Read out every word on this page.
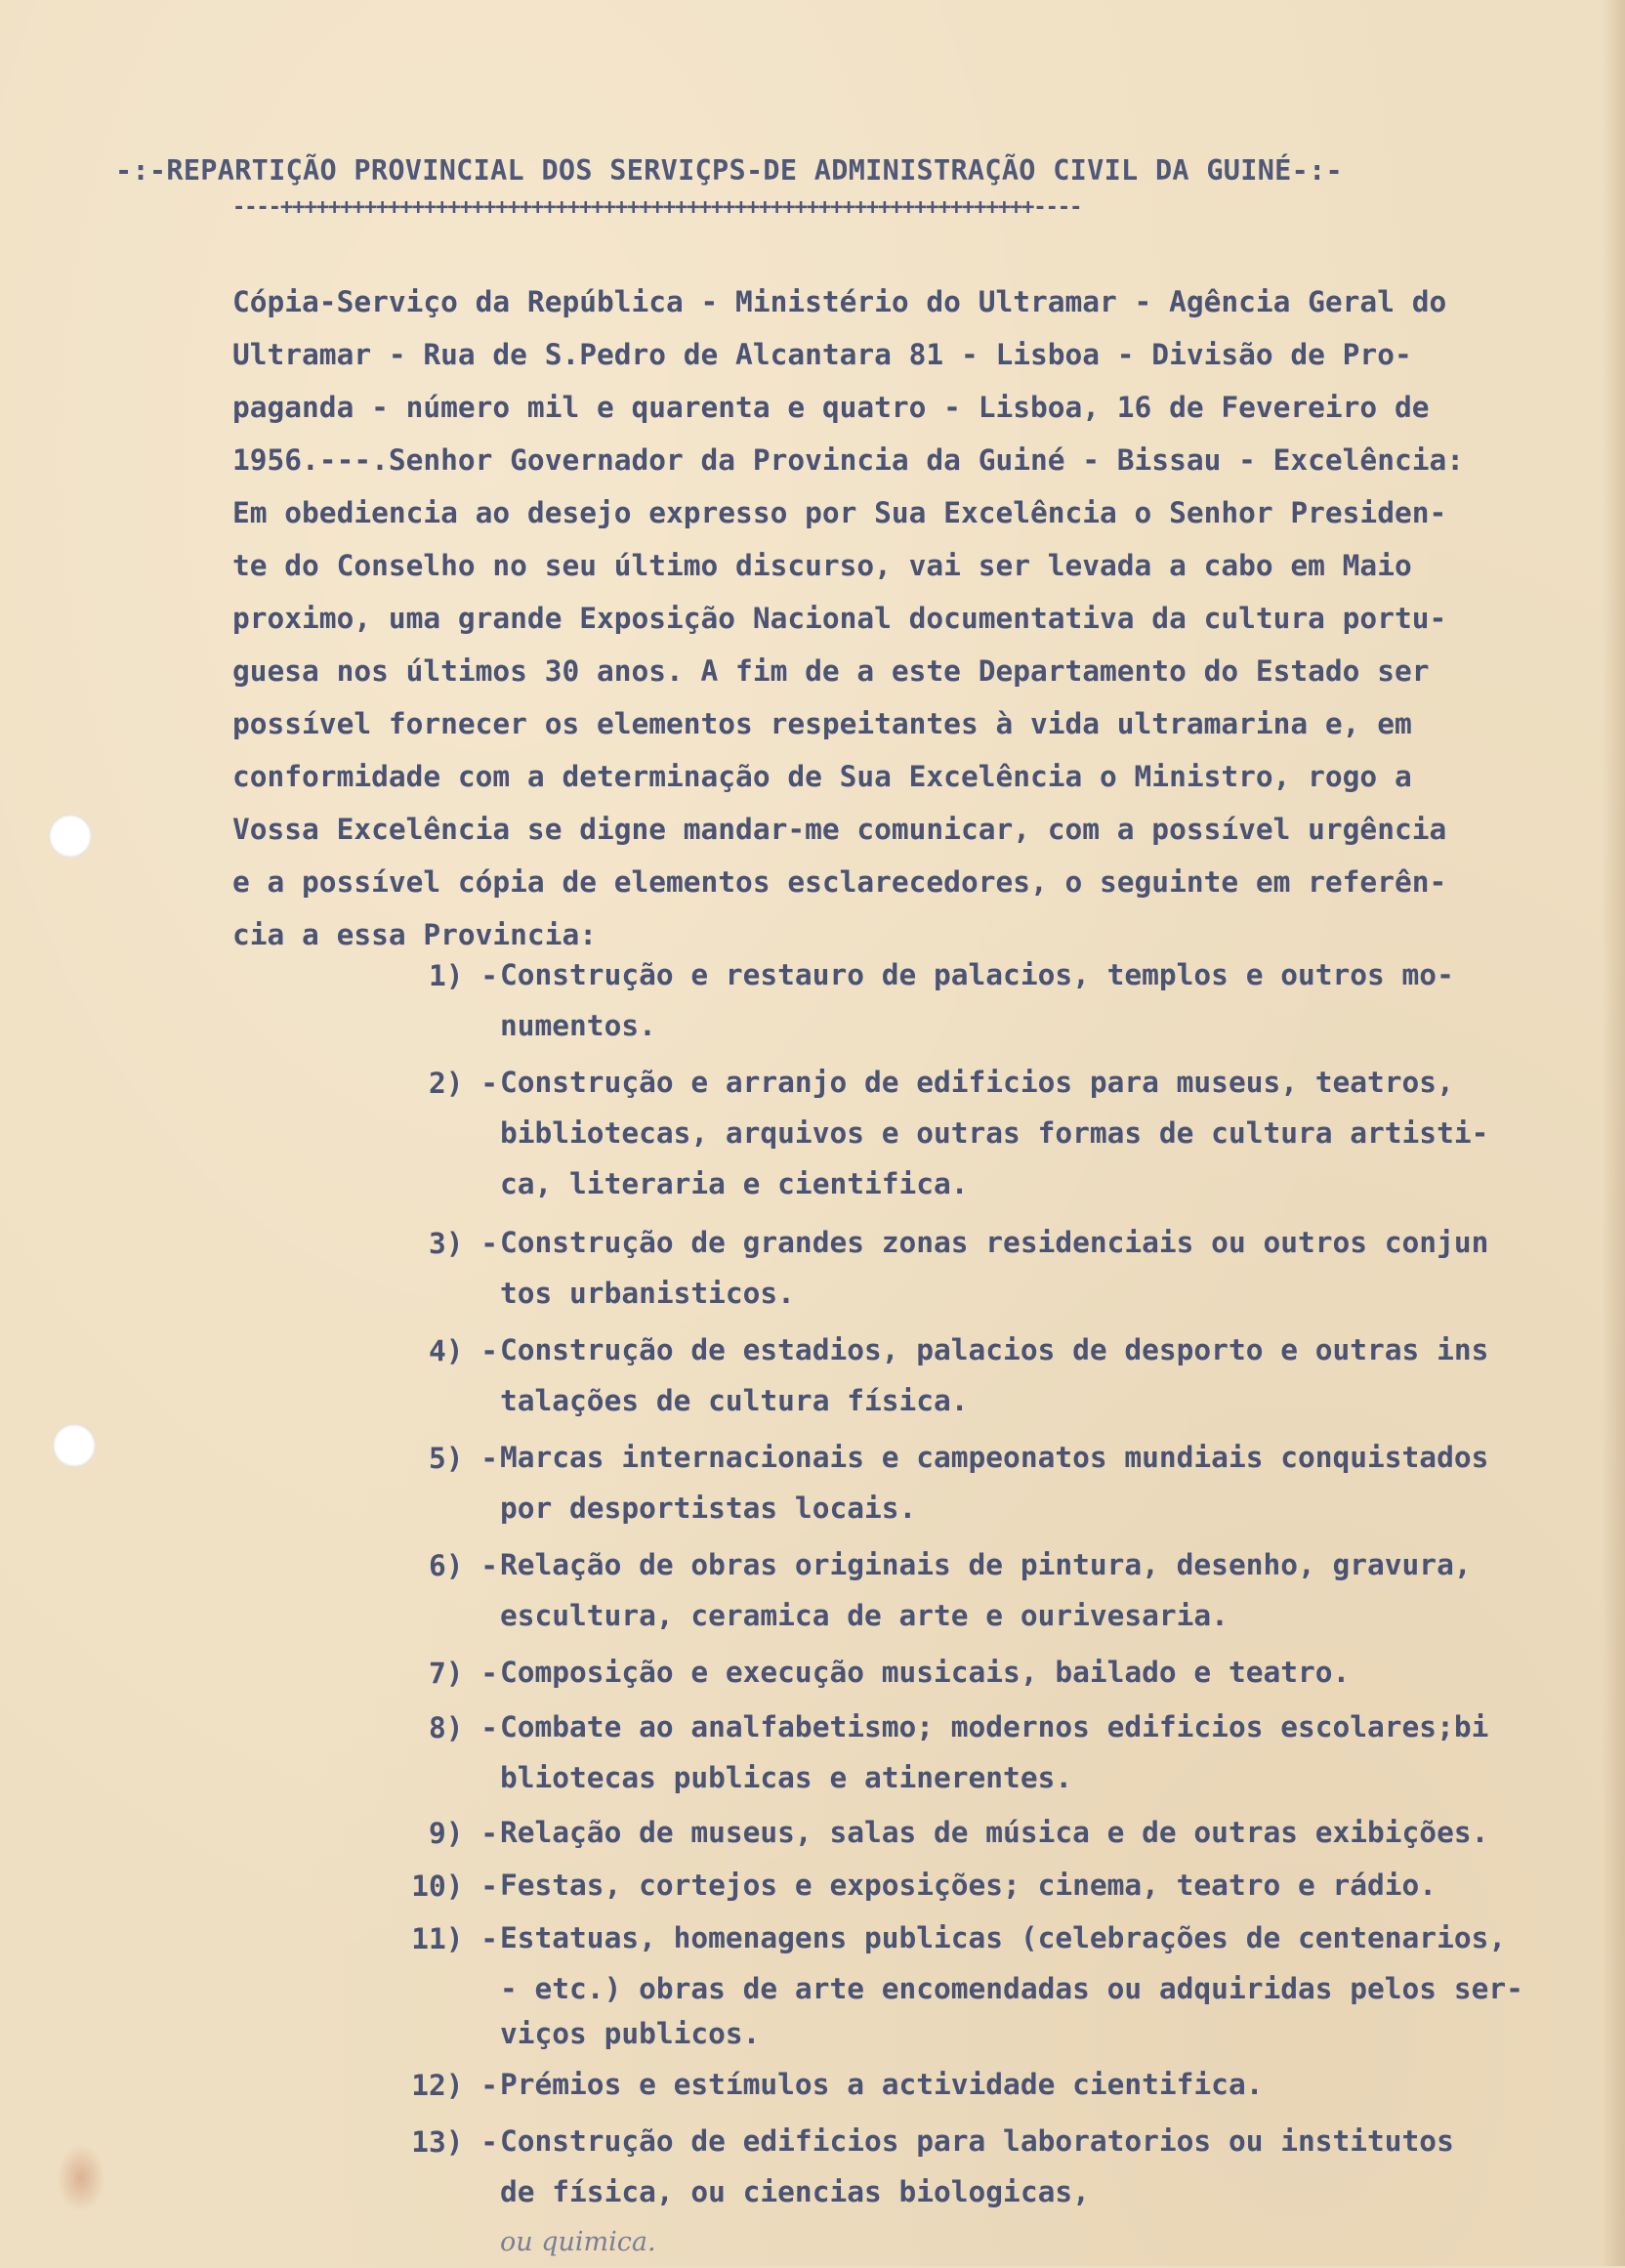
-:-REPARTIÇÃO PROVINCIAL DOS SERVIÇPS-DE ADMINISTRAÇÃO CIVIL DA GUINÉ-:-
----+++++++++++++++++++++++++++++++++++++++++++++++++++++++++++++++----
Cópia-Serviço da República - Ministério do Ultramar - Agência Geral do
Ultramar - Rua de S.Pedro de Alcantara 81 - Lisboa - Divisão de Pro-
paganda - número mil e quarenta e quatro - Lisboa, 16 de Fevereiro de
1956.---.Senhor Governador da Provincia da Guiné - Bissau - Excelência:
Em obediencia ao desejo expresso por Sua Excelência o Senhor Presiden-
te do Conselho no seu último discurso, vai ser levada a cabo em Maio
proximo, uma grande Exposição Nacional documentativa da cultura portu-
guesa nos últimos 30 anos. A fim de a este Departamento do Estado ser
possível fornecer os elementos respeitantes à vida ultramarina e, em
conformidade com a determinação de Sua Excelência o Ministro, rogo a
Vossa Excelência se digne mandar-me comunicar, com a possível urgência
e a possível cópia de elementos esclarecedores, o seguinte em referên-
cia a essa Provincia:
1) - Construção e restauro de palacios, templos e outros mo-
numentos.
2) - Construção e arranjo de edificios para museus, teatros,
bibliotecas, arquivos e outras formas de cultura artisti-
ca, literaria e cientifica.
3) - Construção de grandes zonas residenciais ou outros conjun
tos urbanisticos.
4) - Construção de estadios, palacios de desporto e outras ins
talações de cultura física.
5) - Marcas internacionais e campeonatos mundiais conquistados
por desportistas locais.
6) - Relação de obras originais de pintura, desenho, gravura,
escultura, ceramica de arte e ourivesaria.
7) - Composição e execução musicais, bailado e teatro.
8) - Combate ao analfabetismo; modernos edificios escolares;bi
bliotecas publicas e atinerentes.
9) - Relação de museus, salas de música e de outras exibições.
10) - Festas, cortejos e exposições; cinema, teatro e rádio.
11) - Estatuas, homenagens publicas (celebrações de centenarios,
- etc.) obras de arte encomendadas ou adquiridas pelos ser-
viços publicos.
12) - Prémios e estímulos a actividade cientifica.
13) - Construção de edificios para laboratorios ou institutos
de física, ou ciencias biologicas,
ou quimica.
